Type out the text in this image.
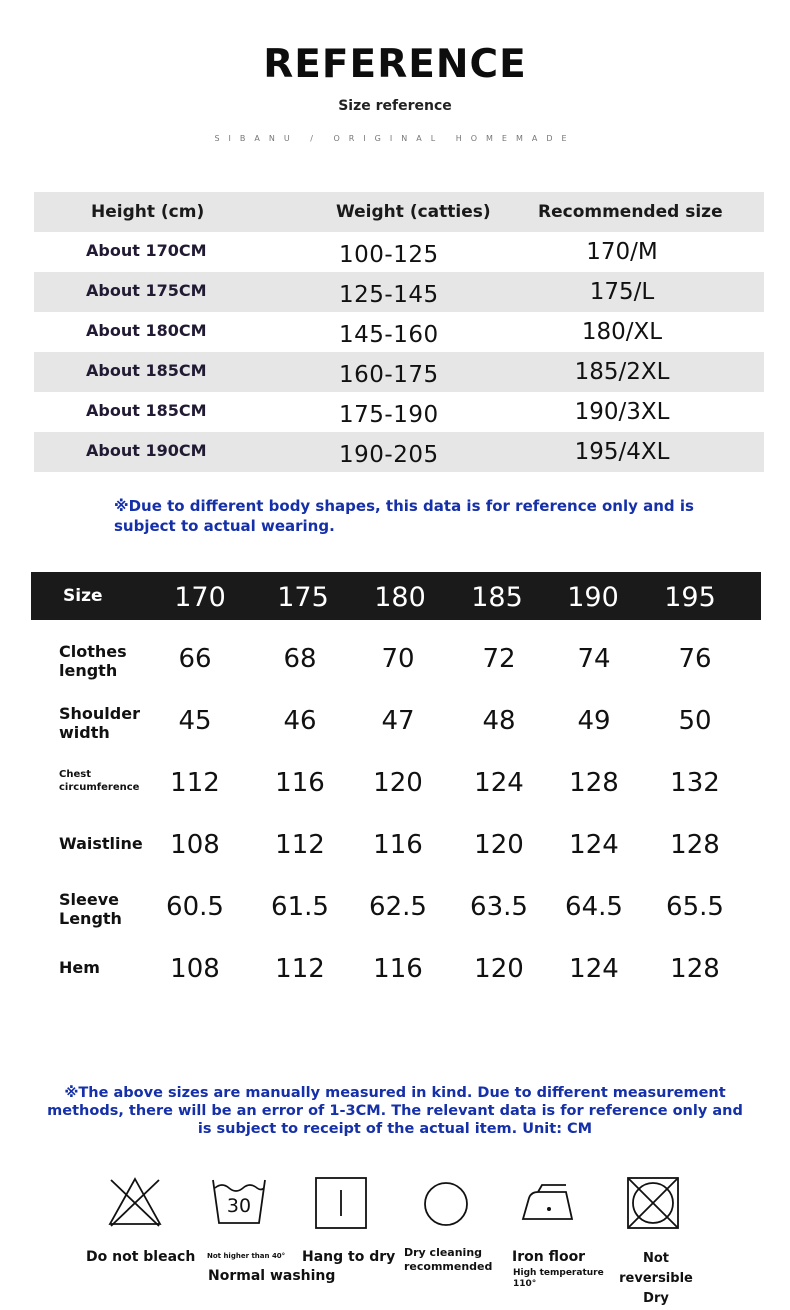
REFERENCE
Size reference
SIBANU / ORIGINAL HOMEMADE
Height (cm)	Weight (catties)	Recommended size
About 170CM	100-125	170/M
About 175CM	125-145	175/L
About 180CM	145-160	180/XL
About 185CM	160-175	185/2XL
About 185CM	175-190	190/3XL
About 190CM	190-205	195/4XL
※Due to different body shapes, this data is for reference only and is subject to actual wearing.
Size	170	175	180	185	190	195
Clothes length	66	68	70	72	74	76
Shoulder width	45	46	47	48	49	50
Chest circumference	112	116	120	124	128	132
Waistline	108	112	116	120	124	128
Sleeve Length	60.5	61.5	62.5	63.5	64.5	65.5
Hem	108	112	116	120	124	128
※The above sizes are manually measured in kind. Due to different measurement methods, there will be an error of 1-3CM. The relevant data is for reference only and is subject to receipt of the actual item. Unit: CM
Do not bleach
30
Not higher than 40°
Normal washing
Hang to dry Dry cleaning recommended
Iron floor
High temperature 110°
Not reversible Dry
